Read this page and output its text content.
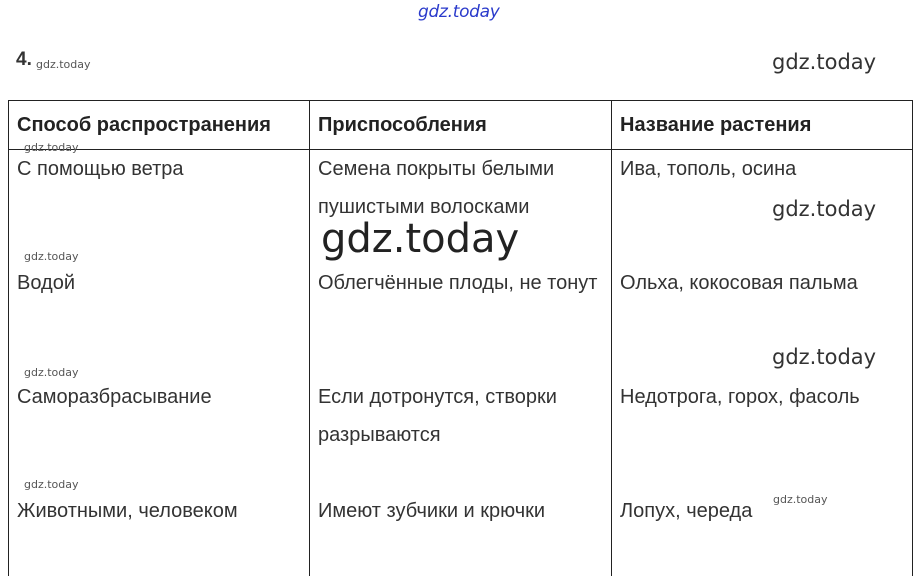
gdz.today
4. gdz.today	gdz.today
Способ распространения	Приспособления	Название растения

С помощью ветра	Семена покрыты белыми пушистыми волосками	Ива, тополь, осина

Водой	Облегчённые плоды, не тонут	Ольха, кокосовая пальма

Саморазбрасывание	Если дотронутся, створки разрываются	Недотрога, горох, фасоль

Животными, человеком	Имеют зубчики и крючки	Лопух, череда
gdz.today
gdz.today
gdz.today
gdz.today
gdz.today
gdz.today
gdz.today
gdz.today
